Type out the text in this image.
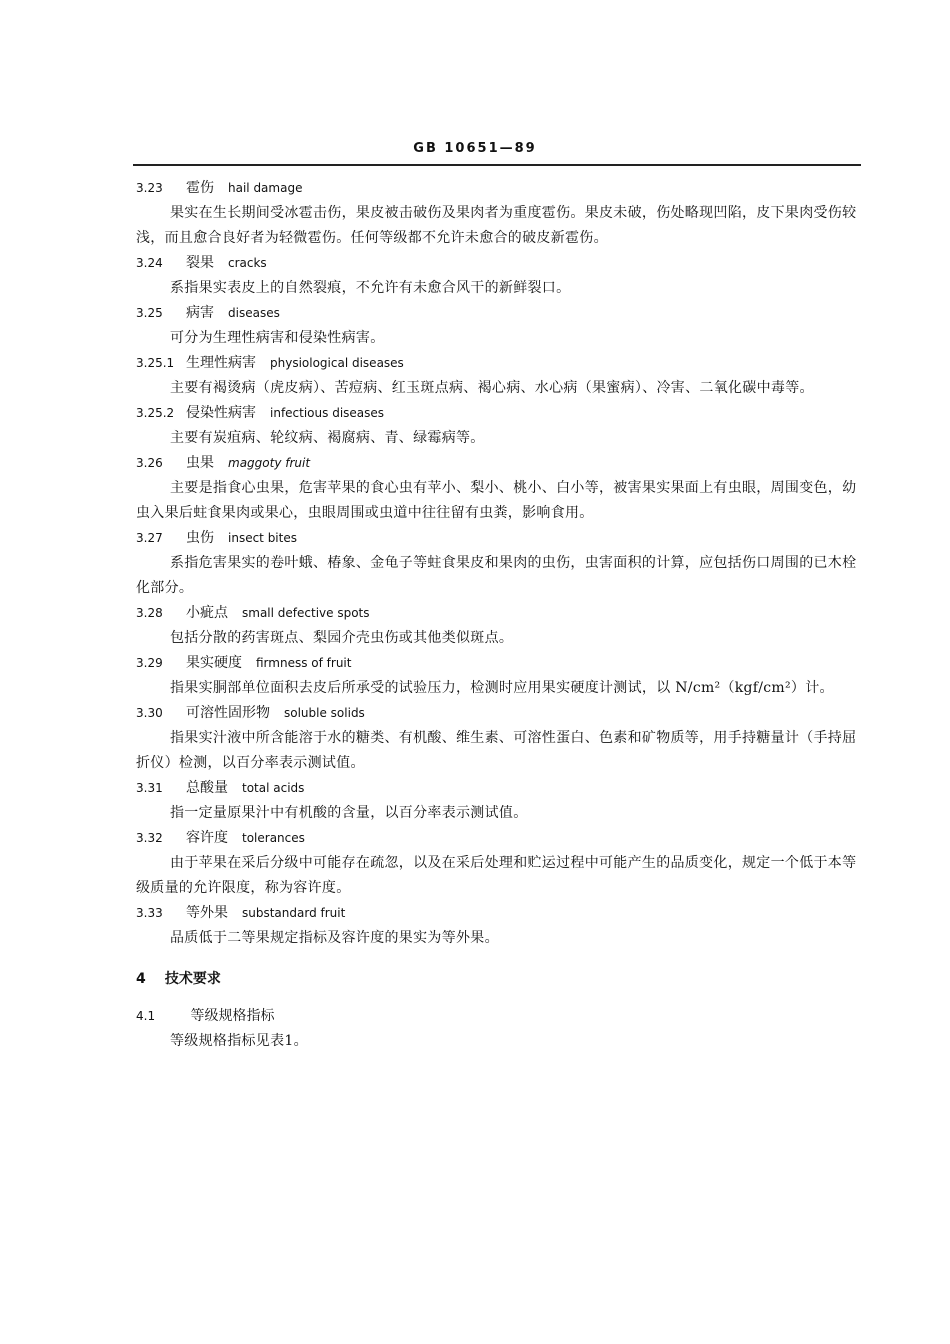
GB 10651—89
3.23 雹伤 hail damage
果实在生长期间受冰雹击伤，果皮被击破伤及果肉者为重度雹伤。果皮未破，伤处略现凹陷，皮下果肉受伤较浅，而且愈合良好者为轻微雹伤。任何等级都不允许未愈合的破皮新雹伤。
3.24 裂果 cracks
系指果实表皮上的自然裂痕，不允许有未愈合风干的新鲜裂口。
3.25 病害 diseases
可分为生理性病害和侵染性病害。
3.25.1 生理性病害 physiological diseases
主要有褐烫病（虎皮病）、苦痘病、红玉斑点病、褐心病、水心病（果蜜病）、冷害、二氧化碳中毒等。
3.25.2 侵染性病害 infectious diseases
主要有炭疽病、轮纹病、褐腐病、青、绿霉病等。
3.26 虫果 maggoty fruit
主要是指食心虫果，危害苹果的食心虫有苹小、梨小、桃小、白小等，被害果实果面上有虫眼，周围变色，幼虫入果后蛀食果肉或果心，虫眼周围或虫道中往往留有虫粪，影响食用。
3.27 虫伤 insect bites
系指危害果实的卷叶蛾、椿象、金龟子等蛀食果皮和果肉的虫伤，虫害面积的计算，应包括伤口周围的已木栓化部分。
3.28 小疵点 small defective spots
包括分散的药害斑点、梨园介壳虫伤或其他类似斑点。
3.29 果实硬度 firmness of fruit
指果实胴部单位面积去皮后所承受的试验压力，检测时应用果实硬度计测试，以 N/cm²（kgf/cm²）计。
3.30 可溶性固形物 soluble solids
指果实汁液中所含能溶于水的糖类、有机酸、维生素、可溶性蛋白、色素和矿物质等，用手持糖量计（手持屈折仪）检测，以百分率表示测试值。
3.31 总酸量 total acids
指一定量原果汁中有机酸的含量，以百分率表示测试值。
3.32 容许度 tolerances
由于苹果在采后分级中可能存在疏忽，以及在采后处理和贮运过程中可能产生的品质变化，规定一个低于本等级质量的允许限度，称为容许度。
3.33 等外果 substandard fruit
品质低于二等果规定指标及容许度的果实为等外果。
4 技术要求
4.1	等级规格指标
等级规格指标见表1。
